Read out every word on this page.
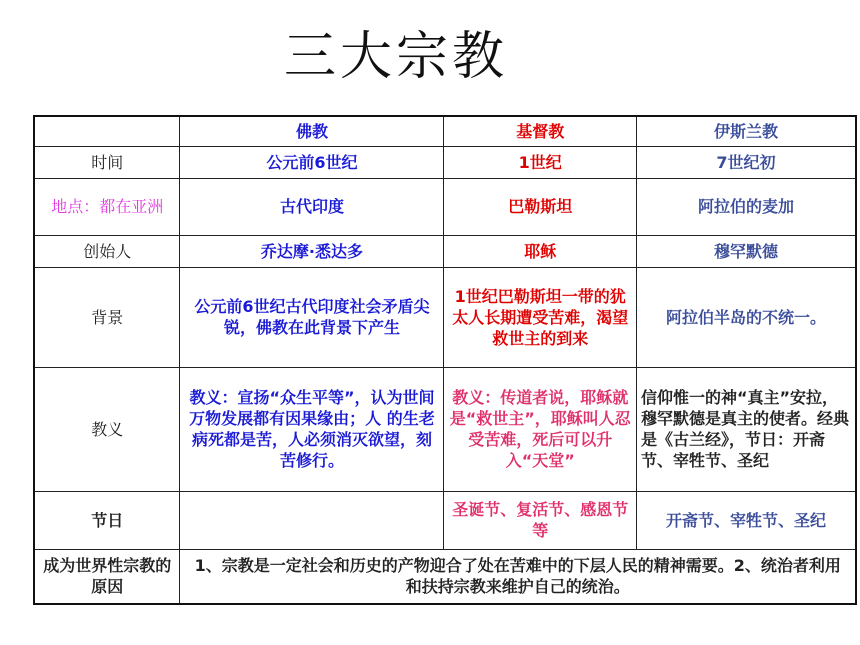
三大宗教
	佛教	基督教	伊斯兰教
时间	公元前6世纪	1世纪	7世纪初
地点：都在亚洲	古代印度	巴勒斯坦	阿拉伯的麦加
创始人	乔达摩·悉达多	耶稣	穆罕默德
背景	公元前6世纪古代印度社会矛盾尖锐，佛教在此背景下产生	1世纪巴勒斯坦一带的犹太人长期遭受苦难，渴望救世主的到来	阿拉伯半岛的不统一。
教义	教义：宣扬“众生平等”，认为世间万物发展都有因果缘由；人 的生老病死都是苦，人必须消灭欲望，刻苦修行。	教义：传道者说，耶稣就是“救世主”，耶稣叫人忍受苦难，死后可以升入“天堂”	信仰惟一的神“真主”安拉，穆罕默德是真主的使者。经典是《古兰经》，节日：开斋节、宰牲节、圣纪
节日		圣诞节、复活节、感恩节等	开斋节、宰牲节、圣纪
成为世界性宗教的原因	1、宗教是一定社会和历史的产物迎合了处在苦难中的下层人民的精神需要。2、统治者利用 和扶持宗教来维护自己的统治。		
